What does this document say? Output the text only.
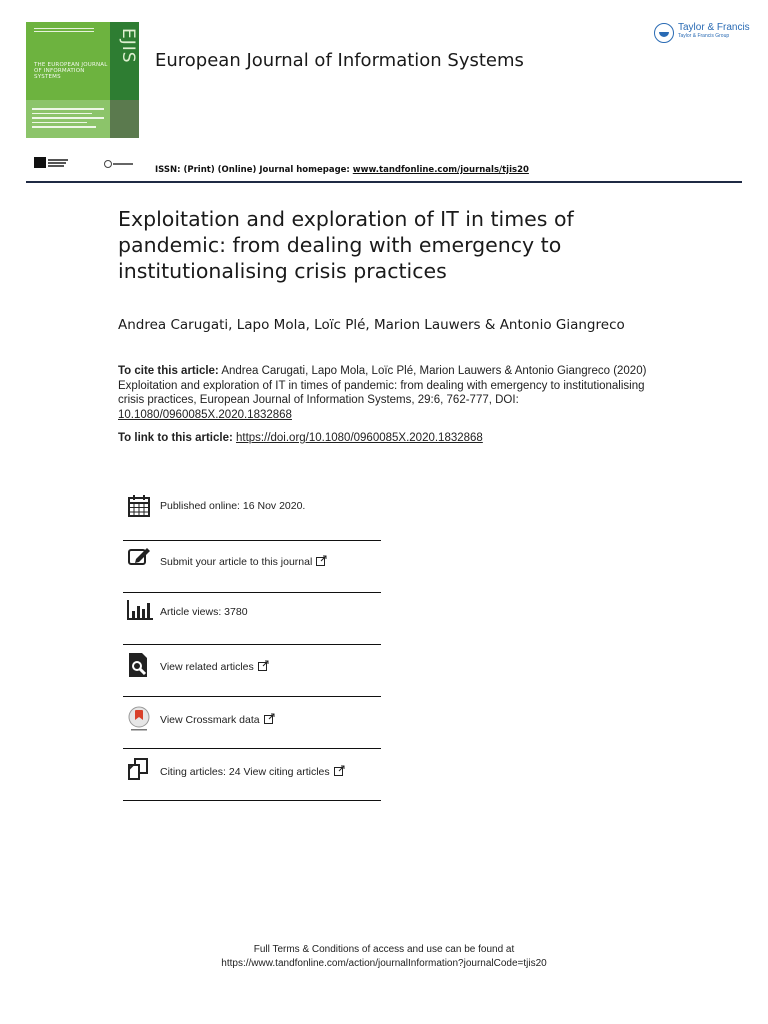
EJIS
THE EUROPEAN JOURNAL OF INFORMATION SYSTEMS
European Journal of Information Systems
Taylor & Francis
Taylor & Francis Group
ISSN: (Print) (Online) Journal homepage: www.tandfonline.com/journals/tjis20
Exploitation and exploration of IT in times of pandemic: from dealing with emergency to institutionalising crisis practices
Andrea Carugati, Lapo Mola, Loïc Plé, Marion Lauwers & Antonio Giangreco
To cite this article: Andrea Carugati, Lapo Mola, Loïc Plé, Marion Lauwers & Antonio Giangreco (2020) Exploitation and exploration of IT in times of pandemic: from dealing with emergency to institutionalising crisis practices, European Journal of Information Systems, 29:6, 762-777, DOI: 10.1080/0960085X.2020.1832868
To link to this article: https://doi.org/10.1080/0960085X.2020.1832868
Published online: 16 Nov 2020.
Submit your article to this journal
Article views: 3780
View related articles
View Crossmark data
Citing articles: 24 View citing articles
Full Terms & Conditions of access and use can be found at
https://www.tandfonline.com/action/journalInformation?journalCode=tjis20
